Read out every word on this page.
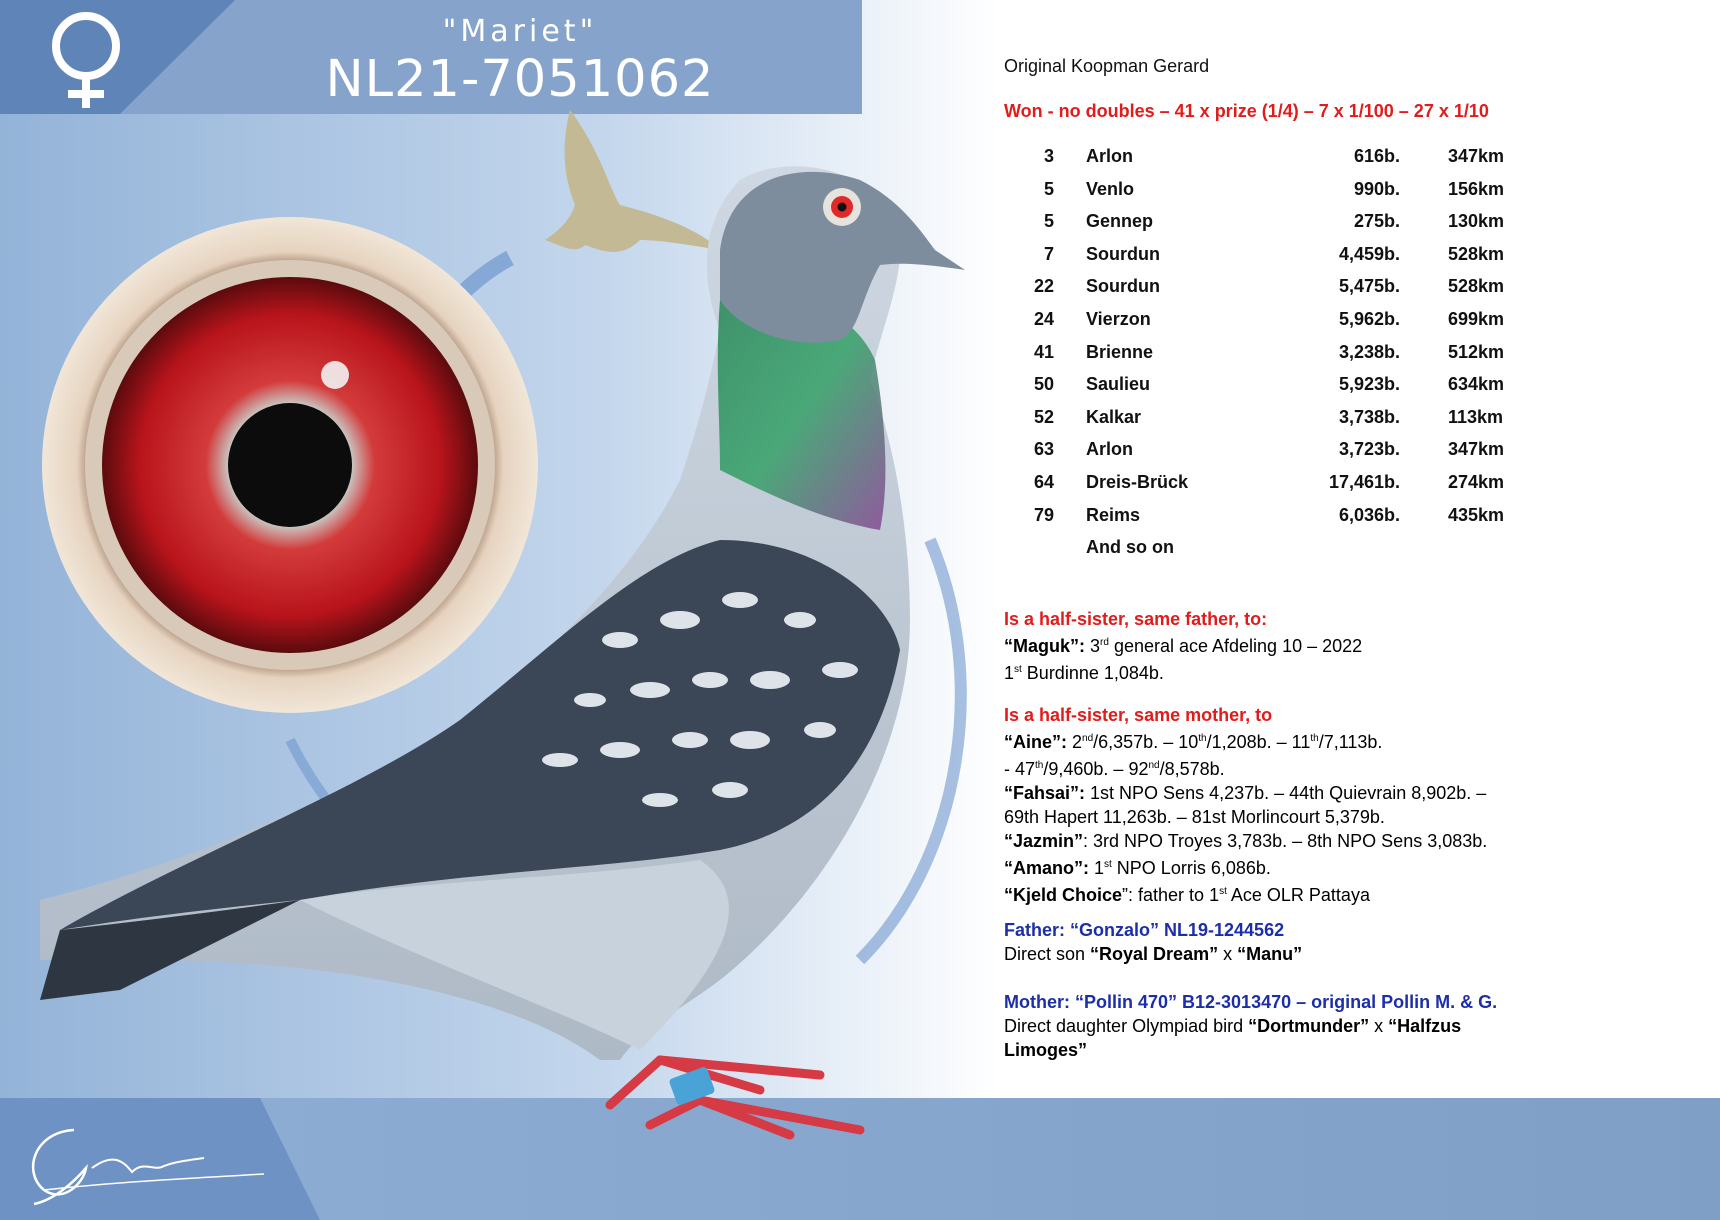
"Mariet"
NL21-7051062	Original Koopman Gerard
Won - no doubles – 41 x prize (1/4) – 7 x 1/100 – 27 x 1/10
3 Arlon	616b.	347km
5 Venlo	990b.	156km
5 Gennep	275b.	130km
7 Sourdun	4,459b.	528km
22 Sourdun	5,475b.	528km
24 Vierzon	5,962b.	699km
41 Brienne	3,238b.	512km
50 Saulieu	5,923b.	634km
52 Kalkar	3,738b.	113km
63 Arlon	3,723b.	347km
64 Dreis-Brück	17,461b.	274km
79 Reims	6,036b.	435km
And so on
Is a half-sister, same father, to:
“Maguk”: 3rd general ace Afdeling 10 – 2022
1st Burdinne 1,084b.
Is a half-sister, same mother, to
“Aine”: 2nd/6,357b. – 10th/1,208b. – 11th/7,113b.
- 47th/9,460b. – 92nd/8,578b.
“Fahsai”: 1st NPO Sens 4,237b. – 44th Quievrain 8,902b. –
69th Hapert 11,263b. – 81st Morlincourt 5,379b.
“Jazmin”: 3rd NPO Troyes 3,783b. – 8th NPO Sens 3,083b.
“Amano”: 1st NPO Lorris 6,086b.
“Kjeld Choice”: father to 1st Ace OLR Pattaya
Father: “Gonzalo” NL19-1244562
Direct son “Royal Dream” x “Manu”
Mother: “Pollin 470” B12-3013470 – original Pollin M. & G.
Direct daughter Olympiad bird “Dortmunder” x “Halfzus
Limoges”
